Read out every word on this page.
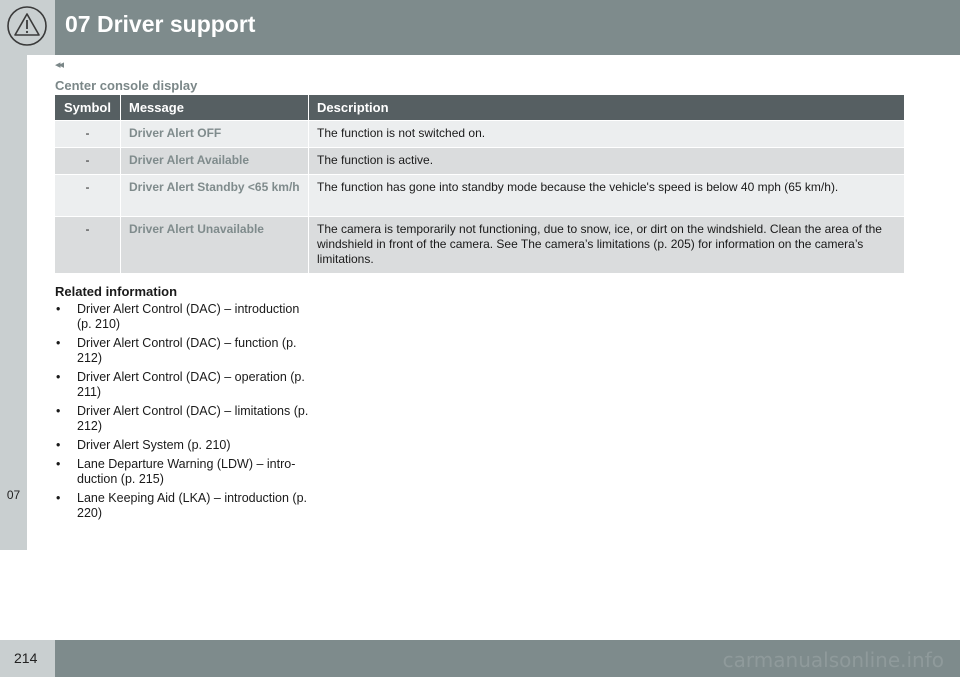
07 Driver support
◂◂
Center console display
07
Symbol	Message	Description
-	Driver Alert OFF	The function is not switched on.
-	Driver Alert Available	The function is active.
-	Driver Alert Standby <65 km/h	The function has gone into standby mode because the vehicle's speed is below 40 mph (65 km/h).
-	Driver Alert Unavailable	The camera is temporarily not functioning, due to snow, ice, or dirt on the windshield. Clean the area of the windshield in front of the camera. See The camera’s limitations (p. 205) for information on the camera’s limitations.
Related information
• Driver Alert Control (DAC) – introduction (p. 210)
• Driver Alert Control (DAC) – function (p. 212)
• Driver Alert Control (DAC) – operation (p. 211)
• Driver Alert Control (DAC) – limitations (p. 212)
• Driver Alert System (p. 210)
• Lane Departure Warning (LDW) – intro-duction (p. 215)
• Lane Keeping Aid (LKA) – introduction (p. 220)
214	carmanualsonline.info
